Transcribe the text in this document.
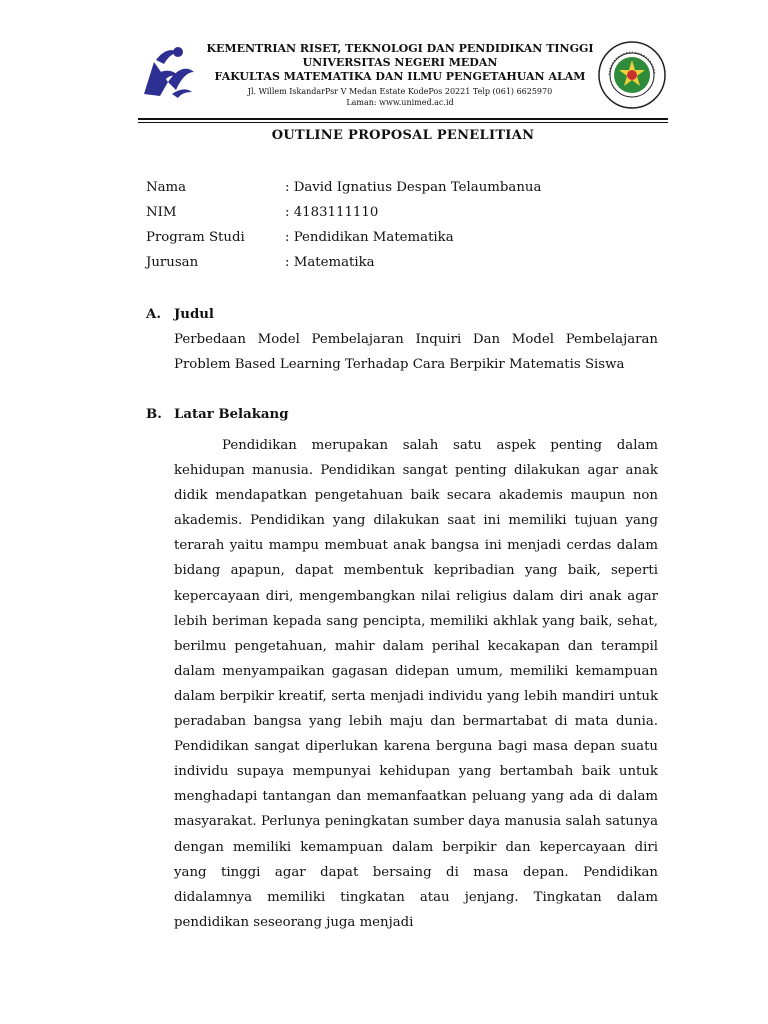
KEMENTRIAN RISET, TEKNOLOGI DAN PENDIDIKAN TINGGI
UNIVERSITAS NEGERI MEDAN
FAKULTAS MATEMATIKA DAN ILMU PENGETAHUAN ALAM
Jl. Willem IskandarPsr V Medan Estate KodePos 20221 Telp (061) 6625970
Laman: www.unimed.ac.id
OUTLINE PROPOSAL PENELITIAN
Nama	: David Ignatius Despan Telaumbanua
NIM	: 4183111110
Program Studi	: Pendidikan Matematika
Jurusan	: Matematika
A. Judul
Perbedaan Model Pembelajaran Inquiri Dan Model Pembelajaran Problem Based Learning Terhadap Cara Berpikir Matematis Siswa
B. Latar Belakang
Pendidikan merupakan salah satu aspek penting dalam kehidupan manusia. Pendidikan sangat penting dilakukan agar anak didik mendapatkan pengetahuan baik secara akademis maupun non akademis. Pendidikan yang dilakukan saat ini memiliki tujuan yang terarah yaitu mampu membuat anak bangsa ini menjadi cerdas dalam bidang apapun, dapat membentuk kepribadian yang baik, seperti kepercayaan diri, mengembangkan nilai religius dalam diri anak agar lebih beriman kepada sang pencipta, memiliki akhlak yang baik, sehat, berilmu pengetahuan, mahir dalam perihal kecakapan dan terampil dalam menyampaikan gagasan didepan umum, memiliki kemampuan dalam berpikir kreatif, serta menjadi individu yang lebih mandiri untuk peradaban bangsa yang lebih maju dan bermartabat di mata dunia. Pendidikan sangat diperlukan karena berguna bagi masa depan suatu individu supaya mempunyai kehidupan yang bertambah baik untuk menghadapi tantangan dan memanfaatkan peluang yang ada di dalam masyarakat. Perlunya peningkatan sumber daya manusia salah satunya dengan memiliki kemampuan dalam berpikir dan kepercayaan diri yang tinggi agar dapat bersaing di masa depan. Pendidikan didalamnya memiliki tingkatan atau jenjang. Tingkatan dalam pendidikan seseorang juga menjadi
